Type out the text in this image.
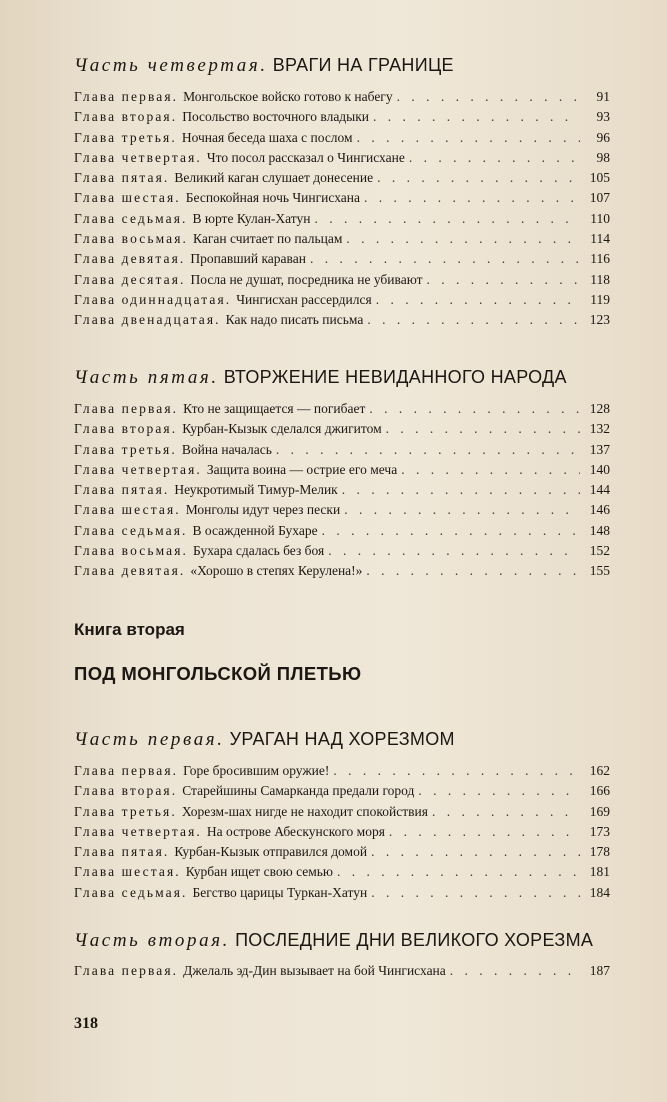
Часть четвертая. ВРАГИ НА ГРАНИЦЕ
Глава первая. Монгольское войско готово к набегу . . .	91
Глава вторая. Посольство восточного владыки . . .	93
Глава третья. Ночная беседа шаха с послом . . .	96
Глава четвертая. Что посол рассказал о Чингисхане . . .	98
Глава пятая. Великий каган слушает донесение . . .	105
Глава шестая. Беспокойная ночь Чингисхана . . .	107
Глава седьмая. В юрте Кулан-Хатун . . .	110
Глава восьмая. Каган считает по пальцам . . .	114
Глава девятая. Пропавший караван . . .	116
Глава десятая. Посла не душат, посредника не убивают . . .	118
Глава одиннадцатая. Чингисхан рассердился . . .	119
Глава двенадцатая. Как надо писать письма . . .	123
Часть пятая. ВТОРЖЕНИЕ НЕВИДАННОГО НАРОДА
Глава первая. Кто не защищается — погибает . . .	128
Глава вторая. Курбан-Кызык сделался джигитом . . .	132
Глава третья. Война началась . . .	137
Глава четвертая. Защита воина — острие его меча . . .	140
Глава пятая. Неукротимый Тимур-Мелик . . .	144
Глава шестая. Монголы идут через пески . . .	146
Глава седьмая. В осажденной Бухаре . . .	148
Глава восьмая. Бухара сдалась без боя . . .	152
Глава девятая. «Хорошо в степях Керулена!» . . .	155
Книга вторая
ПОД МОНГОЛЬСКОЙ ПЛЕТЬЮ
Часть первая. УРАГАН НАД ХОРЕЗМОМ
Глава первая. Горе бросившим оружие! . . .	162
Глава вторая. Старейшины Самарканда предали город . . .	166
Глава третья. Хорезм-шах нигде не находит спокойствия . . .	169
Глава четвертая. На острове Абескунского моря . . .	173
Глава пятая. Курбан-Кызык отправился домой . . .	178
Глава шестая. Курбан ищет свою семью . . .	181
Глава седьмая. Бегство царицы Туркан-Хатун . . .	184
Часть вторая. ПОСЛЕДНИЕ ДНИ ВЕЛИКОГО ХОРЕЗМА
Глава первая. Джелаль эд-Дин вызывает на бой Чингисхана . . .	187
318
